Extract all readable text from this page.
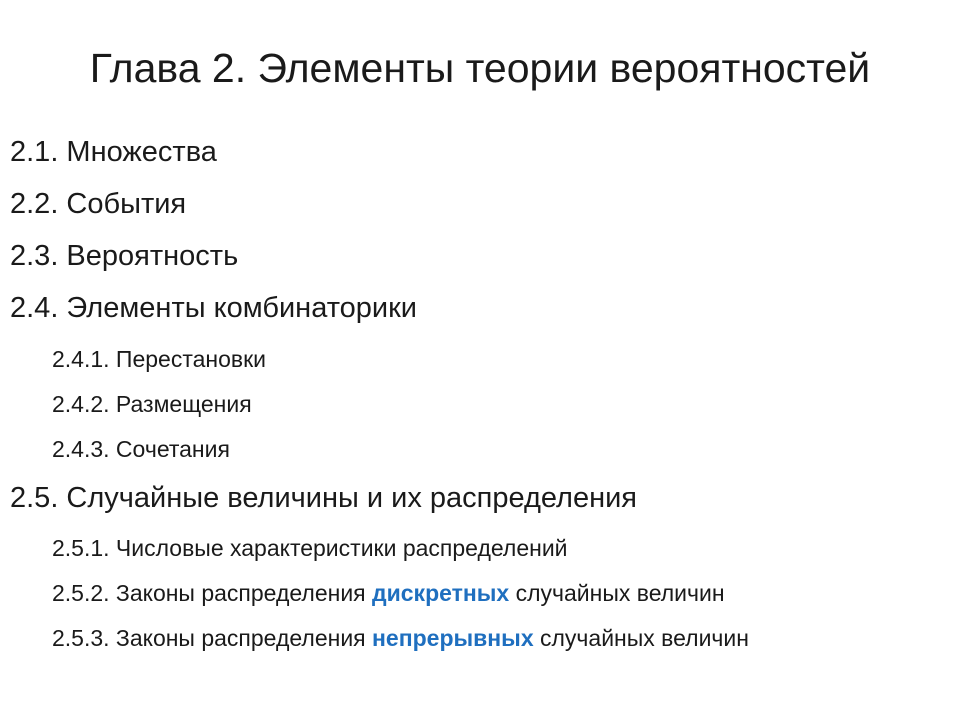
Глава 2. Элементы теории вероятностей
2.1. Множества
2.2. События
2.3. Вероятность
2.4. Элементы комбинаторики
2.4.1. Перестановки
2.4.2. Размещения
2.4.3. Сочетания
2.5. Случайные величины и их распределения
2.5.1. Числовые характеристики распределений
2.5.2. Законы распределения дискретных случайных величин
2.5.3. Законы распределения непрерывных случайных величин
